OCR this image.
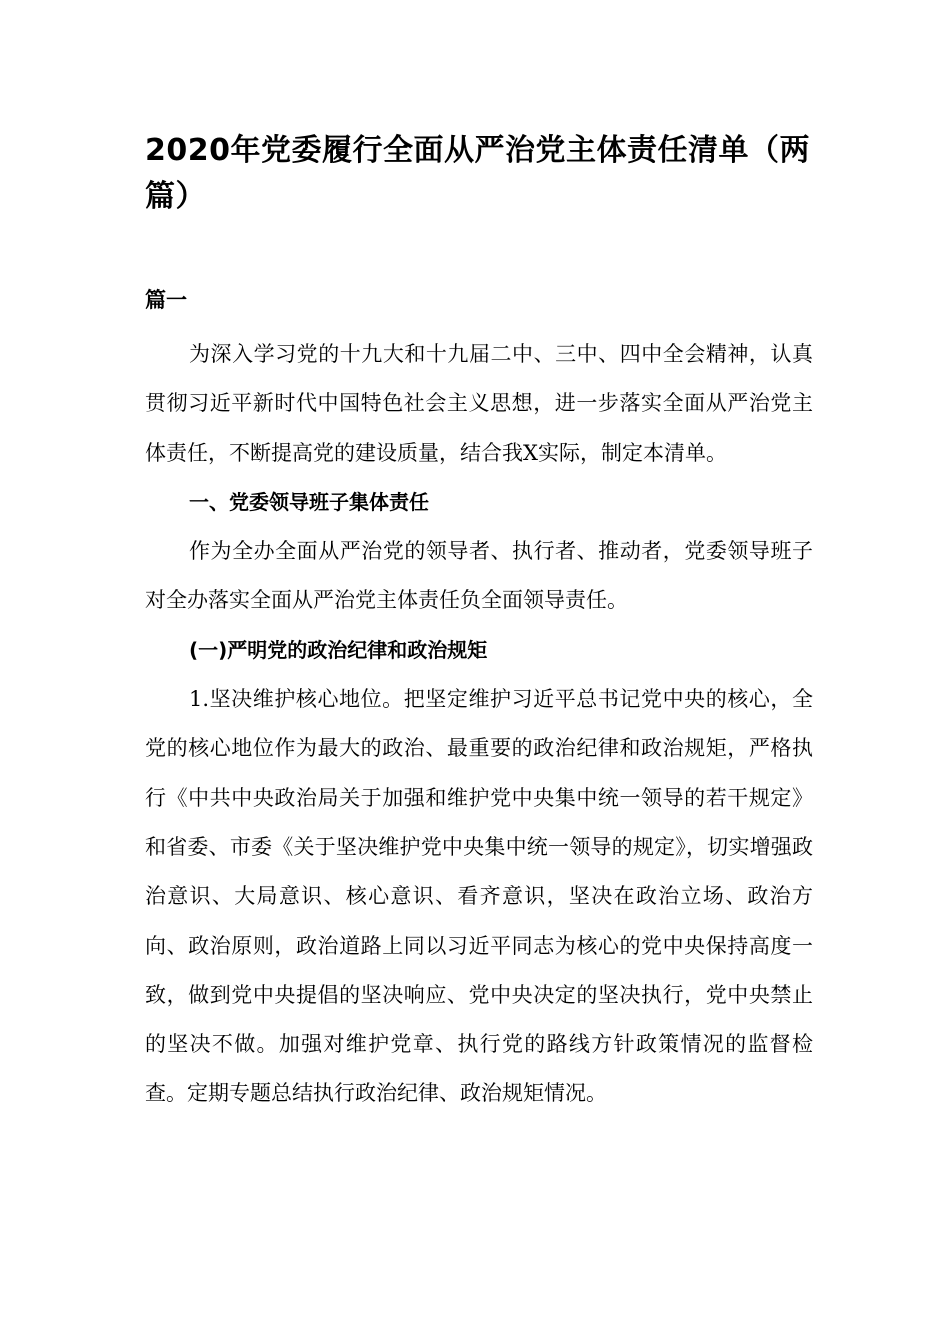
2020年党委履行全面从严治党主体责任清单（两篇）
篇一

为深入学习党的十九大和十九届二中、三中、四中全会精神，认真贯彻习近平新时代中国特色社会主义思想，进一步落实全面从严治党主体责任，不断提高党的建设质量，结合我X实际，制定本清单。

一、党委领导班子集体责任

作为全办全面从严治党的领导者、执行者、推动者，党委领导班子对全办落实全面从严治党主体责任负全面领导责任。

(一)严明党的政治纪律和政治规矩

1.坚决维护核心地位。把坚定维护习近平总书记党中央的核心，全党的核心地位作为最大的政治、最重要的政治纪律和政治规矩，严格执行《中共中央政治局关于加强和维护党中央集中统一领导的若干规定》和省委、市委《关于坚决维护党中央集中统一领导的规定》，切实增强政治意识、大局意识、核心意识、看齐意识，坚决在政治立场、政治方向、政治原则，政治道路上同以习近平同志为核心的党中央保持高度一致，做到党中央提倡的坚决响应、党中央决定的坚决执行，党中央禁止的坚决不做。加强对维护党章、执行党的路线方针政策情况的监督检查。定期专题总结执行政治纪律、政治规矩情况。
